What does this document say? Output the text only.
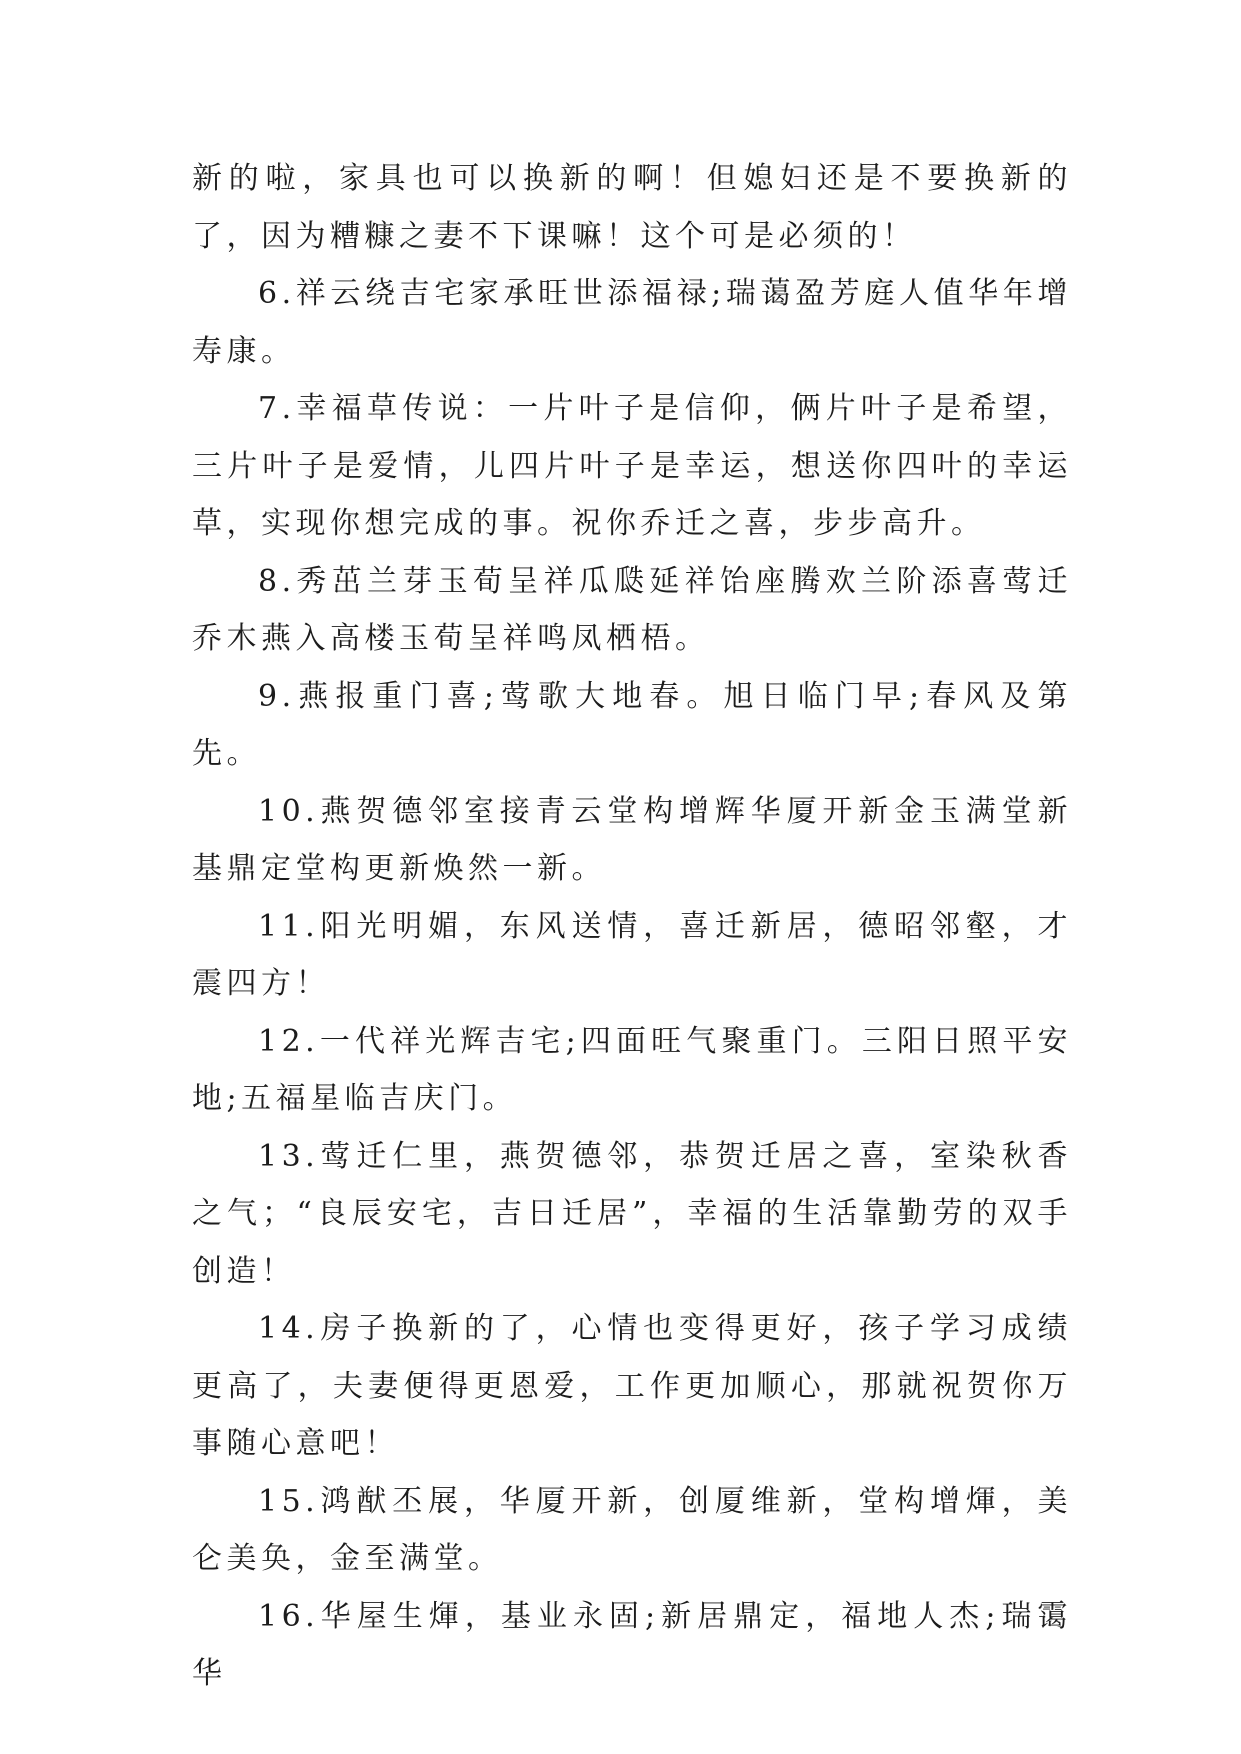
新的啦，家具也可以换新的啊！但媳妇还是不要换新的了，因为糟糠之妻不下课嘛！这个可是必须的！

6.祥云绕吉宅家承旺世添福禄;瑞蔼盈芳庭人值华年增寿康。

7.幸福草传说：一片叶子是信仰，俩片叶子是希望，三片叶子是爱情，儿四片叶子是幸运，想送你四叶的幸运草，实现你想完成的事。祝你乔迁之喜，步步高升。

8.秀茁兰芽玉荀呈祥瓜瓞延祥饴座腾欢兰阶添喜莺迁乔木燕入高楼玉荀呈祥鸣凤栖梧。

9.燕报重门喜;莺歌大地春。旭日临门早;春风及第先。

10.燕贺德邻室接青云堂构增辉华厦开新金玉满堂新基鼎定堂构更新焕然一新。

11.阳光明媚，东风送情，喜迁新居，德昭邻壑，才震四方！

12.一代祥光辉吉宅;四面旺气聚重门。三阳日照平安地;五福星临吉庆门。

13.莺迁仁里，燕贺德邻，恭贺迁居之喜，室染秋香之气；“良辰安宅，吉日迁居”，幸福的生活靠勤劳的双手创造！

14.房子换新的了，心情也变得更好，孩子学习成绩更高了，夫妻便得更恩爱，工作更加顺心，那就祝贺你万事随心意吧！

15.鸿猷丕展，华厦开新，创厦维新，堂构增煇，美仑美奂，金至满堂。

16.华屋生煇，基业永固;新居鼎定，福地人杰;瑞霭华
